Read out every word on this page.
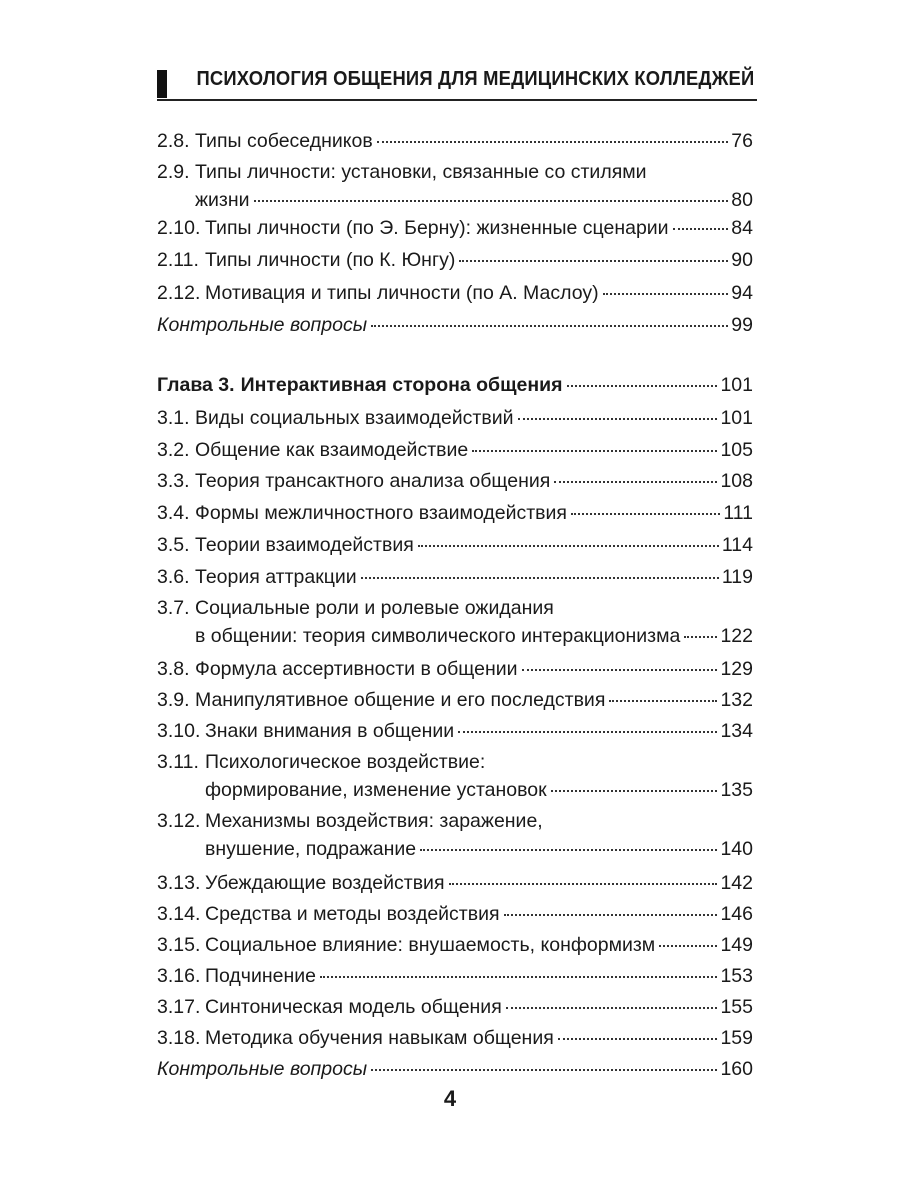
ПСИХОЛОГИЯ ОБЩЕНИЯ ДЛЯ МЕДИЦИНСКИХ КОЛЛЕДЖЕЙ
2.8. Типы собеседников	76
2.9. Типы личности: установки, связанные со стилями
жизни	80
2.10. Типы личности (по Э. Берну): жизненные сценарии	84
2.11. Типы личности (по К. Юнгу)	90
2.12. Мотивация и типы личности (по А. Маслоу)	94
Контрольные вопросы	99
Глава 3. Интерактивная сторона общения	101
3.1. Виды социальных взаимодействий	101
3.2. Общение как взаимодействие	105
3.3. Теория трансактного анализа общения	108
3.4. Формы межличностного взаимодействия	111
3.5. Теории взаимодействия	114
3.6. Теория аттракции	119
3.7. Социальные роли и ролевые ожидания
в общении: теория символического интеракционизма 122
3.8. Формула ассертивности в общении	129
3.9. Манипулятивное общение и его последствия	132
3.10. Знаки внимания в общении	134
3.11. Психологическое воздействие:
формирование, изменение установок	135
3.12. Механизмы воздействия: заражение,
внушение, подражание	140
3.13. Убеждающие воздействия	142
3.14. Средства и методы воздействия	146
3.15. Социальное влияние: внушаемость, конформизм	149
3.16. Подчинение	153
3.17. Синтоническая модель общения	155
3.18. Методика обучения навыкам общения	159
Контрольные вопросы	160
4
